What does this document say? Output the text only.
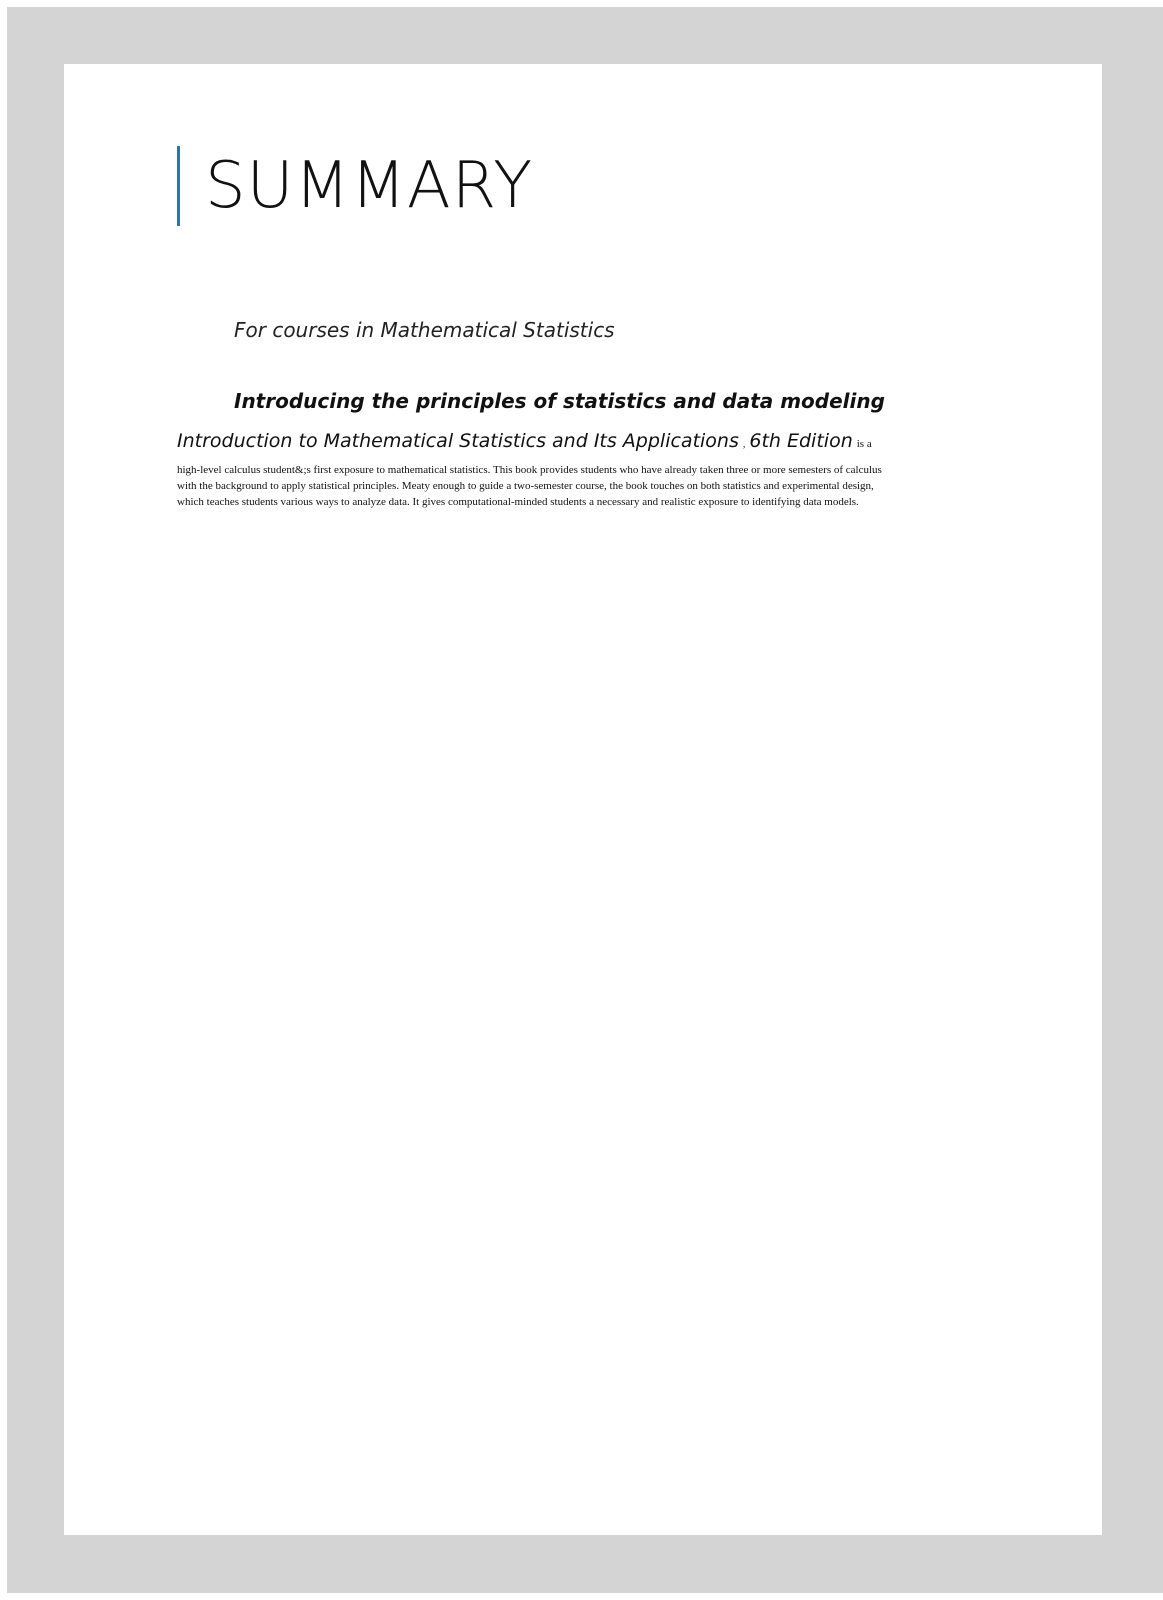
SUMMARY

For courses in Mathematical Statistics

Introducing the principles of statistics and data modeling

Introduction to Mathematical Statistics and Its Applications , 6th Edition is a

high-level calculus student&;s first exposure to mathematical statistics. This book provides students who have already taken three or more semesters of calculus
with the background to apply statistical principles. Meaty enough to guide a two-semester course, the book touches on both statistics and experimental design,
which teaches students various ways to analyze data. It gives computational-minded students a necessary and realistic exposure to identifying data models.
